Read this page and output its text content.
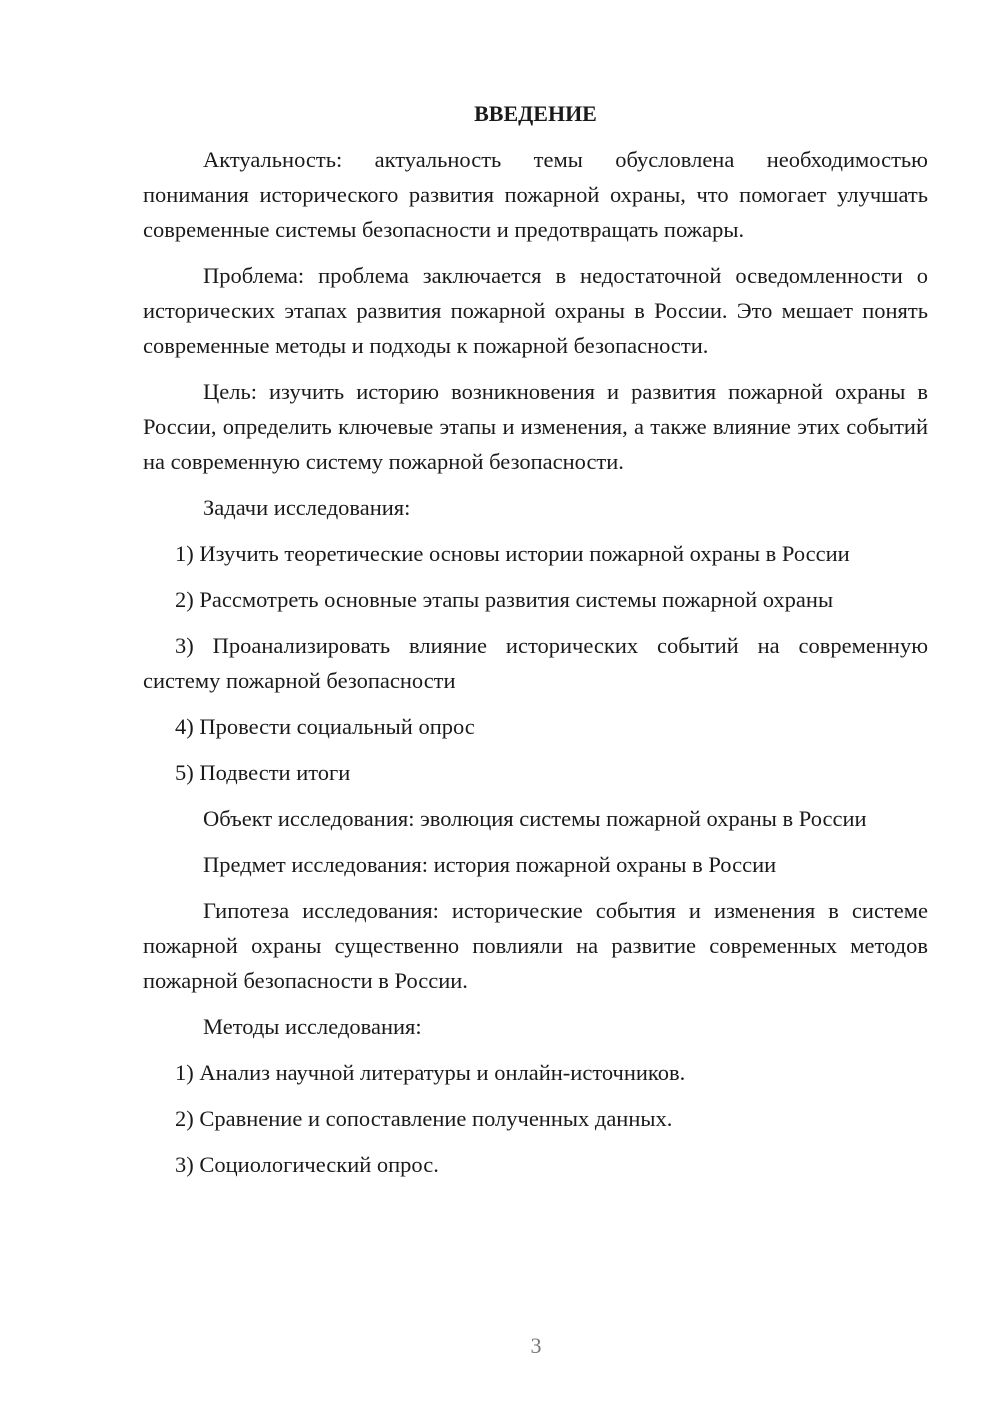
ВВЕДЕНИЕ

Актуальность: актуальность темы обусловлена необходимостью понимания исторического развития пожарной охраны, что помогает улучшать современные системы безопасности и предотвращать пожары.

Проблема: проблема заключается в недостаточной осведомленности о исторических этапах развития пожарной охраны в России. Это мешает понять современные методы и подходы к пожарной безопасности.

Цель: изучить историю возникновения и развития пожарной охраны в России, определить ключевые этапы и изменения, а также влияние этих событий на современную систему пожарной безопасности.

Задачи исследования:

1) Изучить теоретические основы истории пожарной охраны в России

2) Рассмотреть основные этапы развития системы пожарной охраны

3) Проанализировать влияние исторических событий на современную систему пожарной безопасности

4) Провести социальный опрос

5) Подвести итоги

Объект исследования: эволюция системы пожарной охраны в России

Предмет исследования: история пожарной охраны в России

Гипотеза исследования: исторические события и изменения в системе пожарной охраны существенно повлияли на развитие современных методов пожарной безопасности в России.

Методы исследования:

1) Анализ научной литературы и онлайн-источников.

2) Сравнение и сопоставление полученных данных.

3) Социологический опрос.

3
